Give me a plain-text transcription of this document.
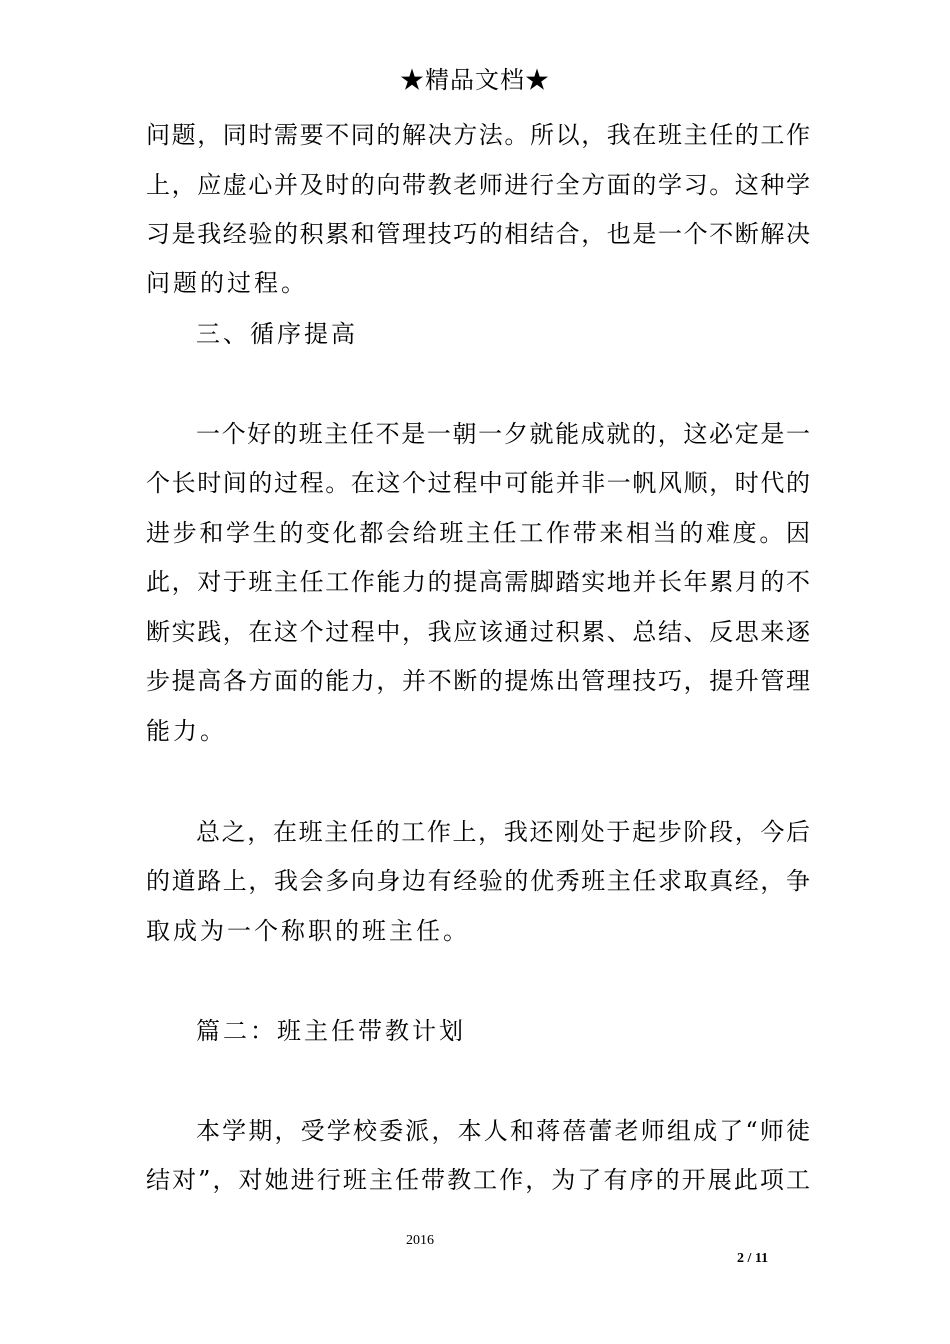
★精品文档★
问题，同时需要不同的解决方法。所以，我在班主任的工作
上，应虚心并及时的向带教老师进行全方面的学习。这种学
习是我经验的积累和管理技巧的相结合，也是一个不断解决
问题的过程。
三、循序提高
一个好的班主任不是一朝一夕就能成就的，这必定是一
个长时间的过程。在这个过程中可能并非一帆风顺，时代的
进步和学生的变化都会给班主任工作带来相当的难度。因
此，对于班主任工作能力的提高需脚踏实地并长年累月的不
断实践，在这个过程中，我应该通过积累、总结、反思来逐
步提高各方面的能力，并不断的提炼出管理技巧，提升管理
能力。
总之，在班主任的工作上，我还刚处于起步阶段，今后
的道路上，我会多向身边有经验的优秀班主任求取真经，争
取成为一个称职的班主任。
篇二：班主任带教计划
本学期，受学校委派，本人和蒋蓓蕾老师组成了“师徒
结对”，对她进行班主任带教工作，为了有序的开展此项工
2016
2 / 11
